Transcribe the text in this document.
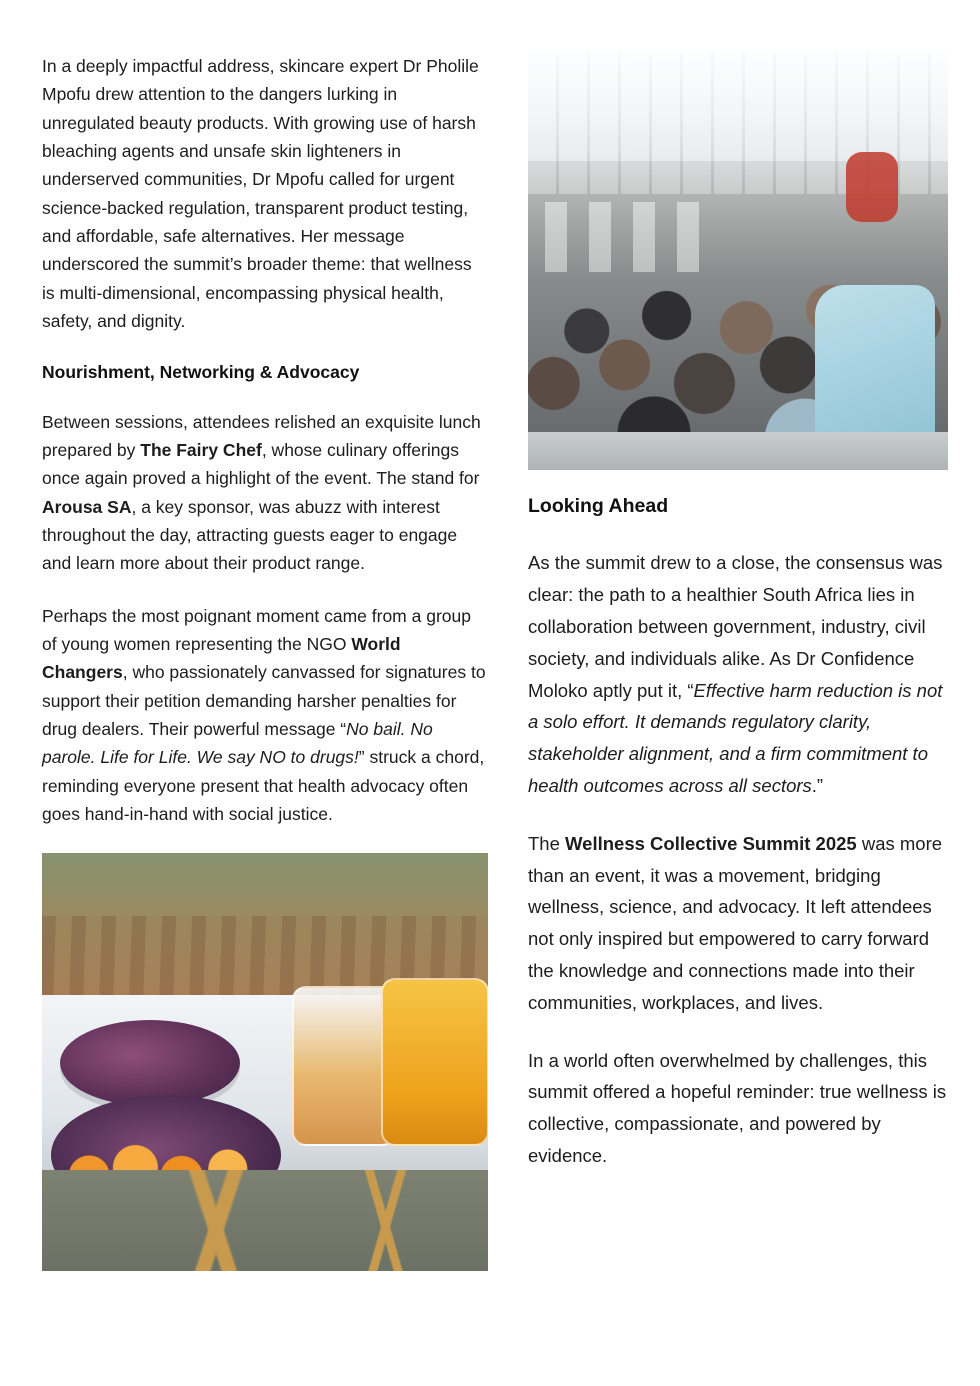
In a deeply impactful address, skincare expert Dr Pholile Mpofu drew attention to the dangers lurking in unregulated beauty products. With growing use of harsh bleaching agents and unsafe skin lighteners in underserved communities, Dr Mpofu called for urgent science-backed regulation, transparent product testing, and affordable, safe alternatives. Her message underscored the summit’s broader theme: that wellness is multi-dimensional, encompassing physical health, safety, and dignity.

Nourishment, Networking & Advocacy

Between sessions, attendees relished an exquisite lunch prepared by The Fairy Chef, whose culinary offerings once again proved a highlight of the event. The stand for Arousa SA, a key sponsor, was abuzz with interest throughout the day, attracting guests eager to engage and learn more about their product range.

Perhaps the most poignant moment came from a group of young women representing the NGO World Changers, who passionately canvassed for signatures to support their petition demanding harsher penalties for drug dealers. Their powerful message “No bail. No parole. Life for Life. We say NO to drugs!” struck a chord, reminding everyone present that health advocacy often goes hand-in-hand with social justice.

Looking Ahead

As the summit drew to a close, the consensus was clear: the path to a healthier South Africa lies in collaboration between government, industry, civil society, and individuals alike. As Dr Confidence Moloko aptly put it, “Effective harm reduction is not a solo effort. It demands regulatory clarity, stakeholder alignment, and a firm commitment to health outcomes across all sectors.”

The Wellness Collective Summit 2025 was more than an event, it was a movement, bridging wellness, science, and advocacy. It left attendees not only inspired but empowered to carry forward the knowledge and connections made into their communities, workplaces, and lives.

In a world often overwhelmed by challenges, this summit offered a hopeful reminder: true wellness is collective, compassionate, and powered by evidence.
